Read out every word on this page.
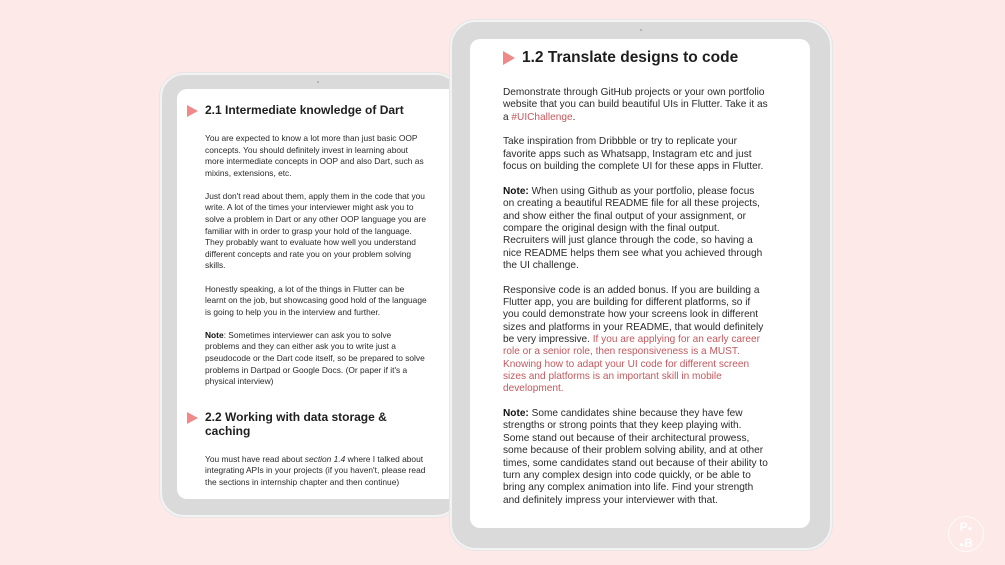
2.1 Intermediate knowledge of Dart

You are expected to know a lot more than just basic OOP concepts. You should definitely invest in learning about more intermediate concepts in OOP and also Dart, such as mixins, extensions, etc.

Just don't read about them, apply them in the code that you write. A lot of the times your interviewer might ask you to solve a problem in Dart or any other OOP language you are familiar with in order to grasp your hold of the language. They probably want to evaluate how well you understand different concepts and rate you on your problem solving skills.

Honestly speaking, a lot of the things in Flutter can be learnt on the job, but showcasing good hold of the language is going to help you in the interview and further.

Note: Sometimes interviewer can ask you to solve problems and they can either ask you to write just a pseudocode or the Dart code itself, so be prepared to solve problems in Dartpad or Google Docs. (Or paper if it's a physical interview)

2.2 Working with data storage & caching

You must have read about section 1.4 where I talked about integrating APIs in your projects (if you haven't, please read the sections in internship chapter and then continue)

1.2 Translate designs to code

Demonstrate through GitHub projects or your own portfolio website that you can build beautiful UIs in Flutter. Take it as a #UIChallenge.

Take inspiration from Dribbble or try to replicate your favorite apps such as Whatsapp, Instagram etc and just focus on building the complete UI for these apps in Flutter.

Note: When using Github as your portfolio, please focus on creating a beautiful README file for all these projects, and show either the final output of your assignment, or compare the original design with the final output. Recruiters will just glance through the code, so having a nice README helps them see what you achieved through the UI challenge.

Responsive code is an added bonus. If you are building a Flutter app, you are building for different platforms, so if you could demonstrate how your screens look in different sizes and platforms in your README, that would definitely be very impressive. If you are applying for an early career role or a senior role, then responsiveness is a MUST. Knowing how to adapt your UI code for different screen sizes and platforms is an important skill in mobile development.

Note: Some candidates shine because they have few strengths or strong points that they keep playing with. Some stand out because of their architectural prowess, some because of their problem solving ability, and at other times, some candidates stand out because of their ability to turn any complex design into code quickly, or be able to bring any complex animation into life. Find your strength and definitely impress your interviewer with that.

P●
●B
